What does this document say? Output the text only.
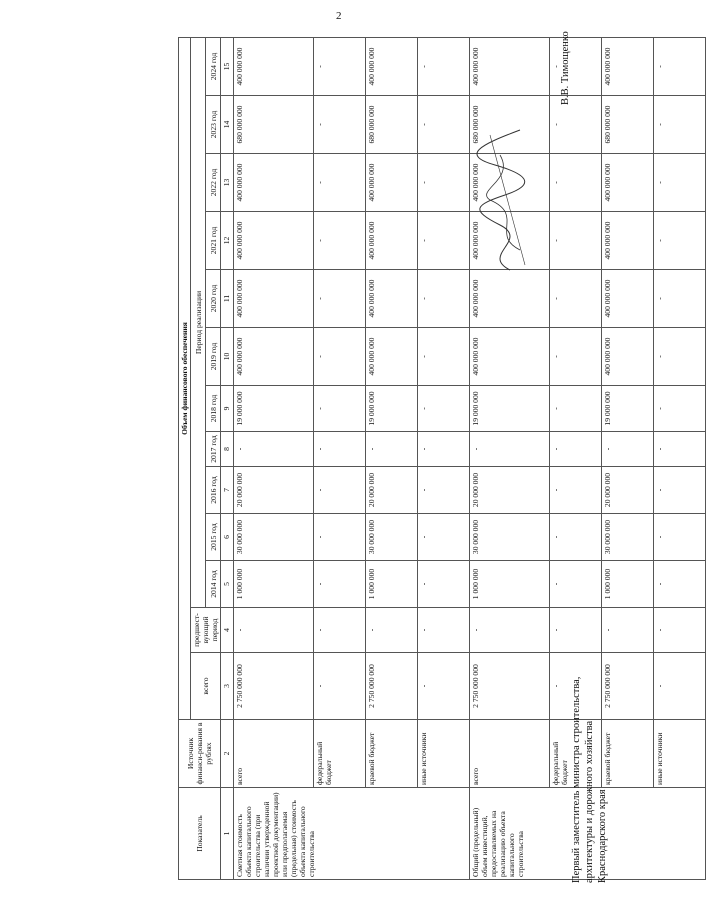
2
Показатель	Источник финанси-рования в рублях	Объем финансового обеспечения												
		всего	предшест-вующий период	Период реализации										
				2014 год	2015 год	2016 год	2017 год	2018 год	2019 год	2020 год	2021 год	2022 год	2023 год	2024 год
1	2	3	4	5	6	7	8	9	10	11	12	13	14	15
Сметная стоимость объекта капитального строительства (при наличии утвержденной проектной документации) или предполагаемая (предельная) стоимость объекта капитального строительства	всего	2 750 000 000	-	1 000 000	30 000 000	20 000 000	-	19 000 000	400 000 000	400 000 000	400 000 000	400 000 000	680 000 000	400 000 000
	федеральный бюджет	-	-	-	-	-	-	-	-	-	-	-	-	-
	краевой бюджет	2 750 000 000	-	1 000 000	30 000 000	20 000 000	-	19 000 000	400 000 000	400 000 000	400 000 000	400 000 000	680 000 000	400 000 000
	иные источники	-	-	-	-	-	-	-	-	-	-	-	-	-
Общий (предельный) объем инвестиций, предоставляемых на реализацию объекта капитального строительства	всего	2 750 000 000	-	1 000 000	30 000 000	20 000 000	-	19 000 000	400 000 000	400 000 000	400 000 000	400 000 000	680 000 000	400 000 000
	федеральный бюджет	-	-	-	-	-	-	-	-	-	-	-	-	-
	краевой бюджет	2 750 000 000	-	1 000 000	30 000 000	20 000 000	-	19 000 000	400 000 000	400 000 000	400 000 000	400 000 000	680 000 000	400 000 000
	иные источники	-	-	-	-	-	-	-	-	-	-	-	-	-
Первый заместитель министра строительства, архитектуры и дорожного хозяйства Краснодарского края
В.В. Тимощенко
